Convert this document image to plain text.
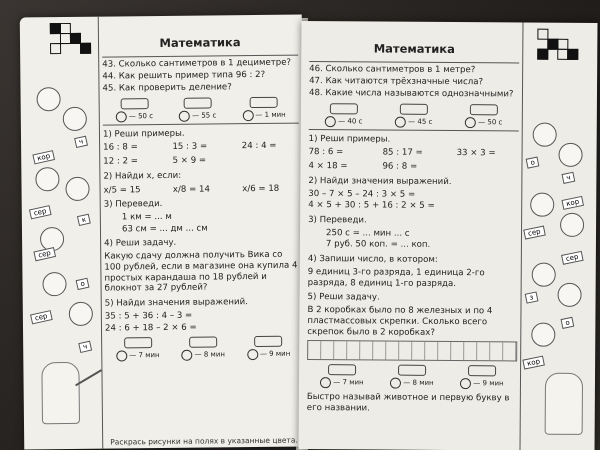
ч
кор
сер
к
сер
о
сер
ч
Математика
43. Сколько сантиметров в 1 дециметре?
44. Как решить пример типа 96 : 2?
45. Как проверить деление?
— 50 с	— 55 с	— 1 мин
1) Реши примеры.
16 : 8 =	15 : 3 =	24 : 4 =
12 : 2 =	5 × 9 =
2) Найди x, если:
x/5 = 15	x/8 = 14	x/6 = 18
3) Переведи.
1 км = ... м
63 см = ... дм ... см
4) Реши задачу.
Какую сдачу должна получить Вика со 100 рублей, если в магазине она купила 4 простых карандаша по 18 рублей и блокнот за 27 рублей?
5) Найди значения выражений.
35 : 5 + 36 : 4 – 3 =
24 : 6 + 18 – 2 × 6 =
— 7 мин	— 8 мин	— 9 мин
Раскрась рисунки на полях в указанные цвета.
Математика
46. Сколько сантиметров в 1 метре?
47. Как читаются трёхзначные числа?
48. Какие числа называются однозначными?
— 40 с	— 45 с	— 50 с
1) Реши примеры.
78 : 6 =	85 : 17 =	33 × 3 =
4 × 18 =	96 : 8 =
2) Найди значения выражений.
30 – 7 × 5 – 24 : 3 × 5 =
4 × 5 + 30 : 5 + 16 : 2 × 5 =
3) Переведи.
250 с = ... мин ... с
7 руб. 50 коп. = ... коп.
4) Запиши число, в котором:
9 единиц 3-го разряда, 1 единица 2-го разряда, 8 единиц 1-го разряда.
5) Реши задачу.
В 2 коробках было по 8 железных и по 4 пластмассовых скрепки. Сколько всего скрепок было в 2 коробках?
— 7 мин	— 8 мин	— 9 мин
Быстро называй животное и первую букву в его названии.
о
ч
кор
сер
сер
з
о
кор
